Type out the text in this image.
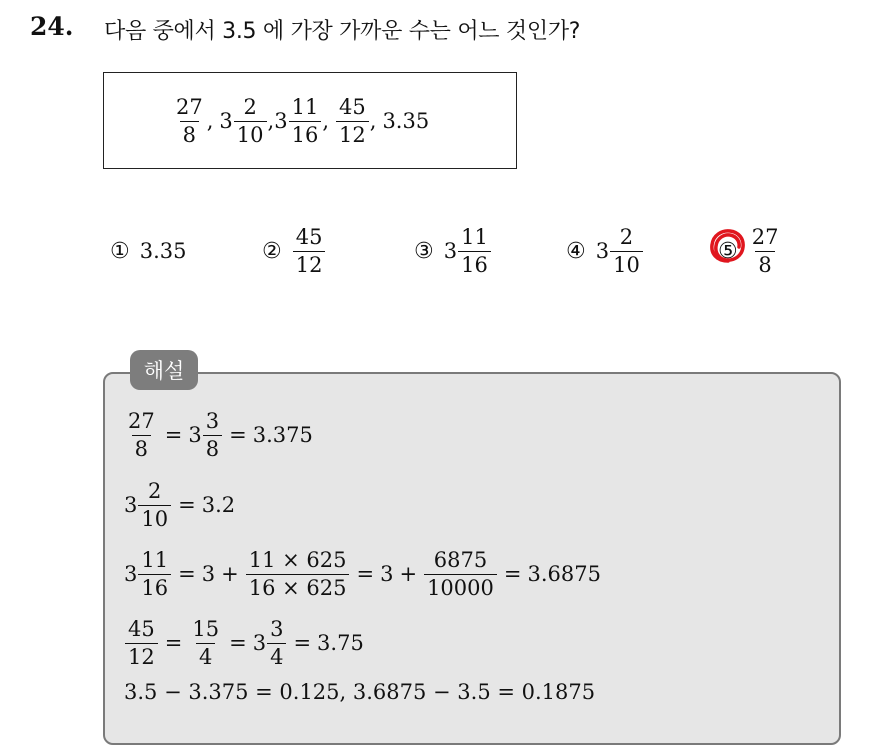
24. 다음 중에서 3.5 에 가장 가까운 수는 어느 것인가?
$\frac{27}{8}$ , $3 \frac{2}{10}$ , $3 \frac{11}{16}$ , $\frac{45}{12}$ , 3.35
① 3.35	② $\frac{45}{12}$	③ $3 \frac{11}{16}$	④ $3 \frac{2}{10}$	⑤ $\frac{27}{8}$
해설
$\frac{27}{8} = 3 \frac{3}{8} = 3.375$
$3 \frac{2}{10} = 3.2$
$3 \frac{11}{16} = 3 + \frac{11 \times 625}{16 \times 625} = 3 + \frac{6875}{10000} = 3.6875$
$\frac{45}{12} = \frac{15}{4} = 3 \frac{3}{4} = 3.75$
3.5 − 3.375 = 0.125, 3.6875 − 3.5 = 0.1875
